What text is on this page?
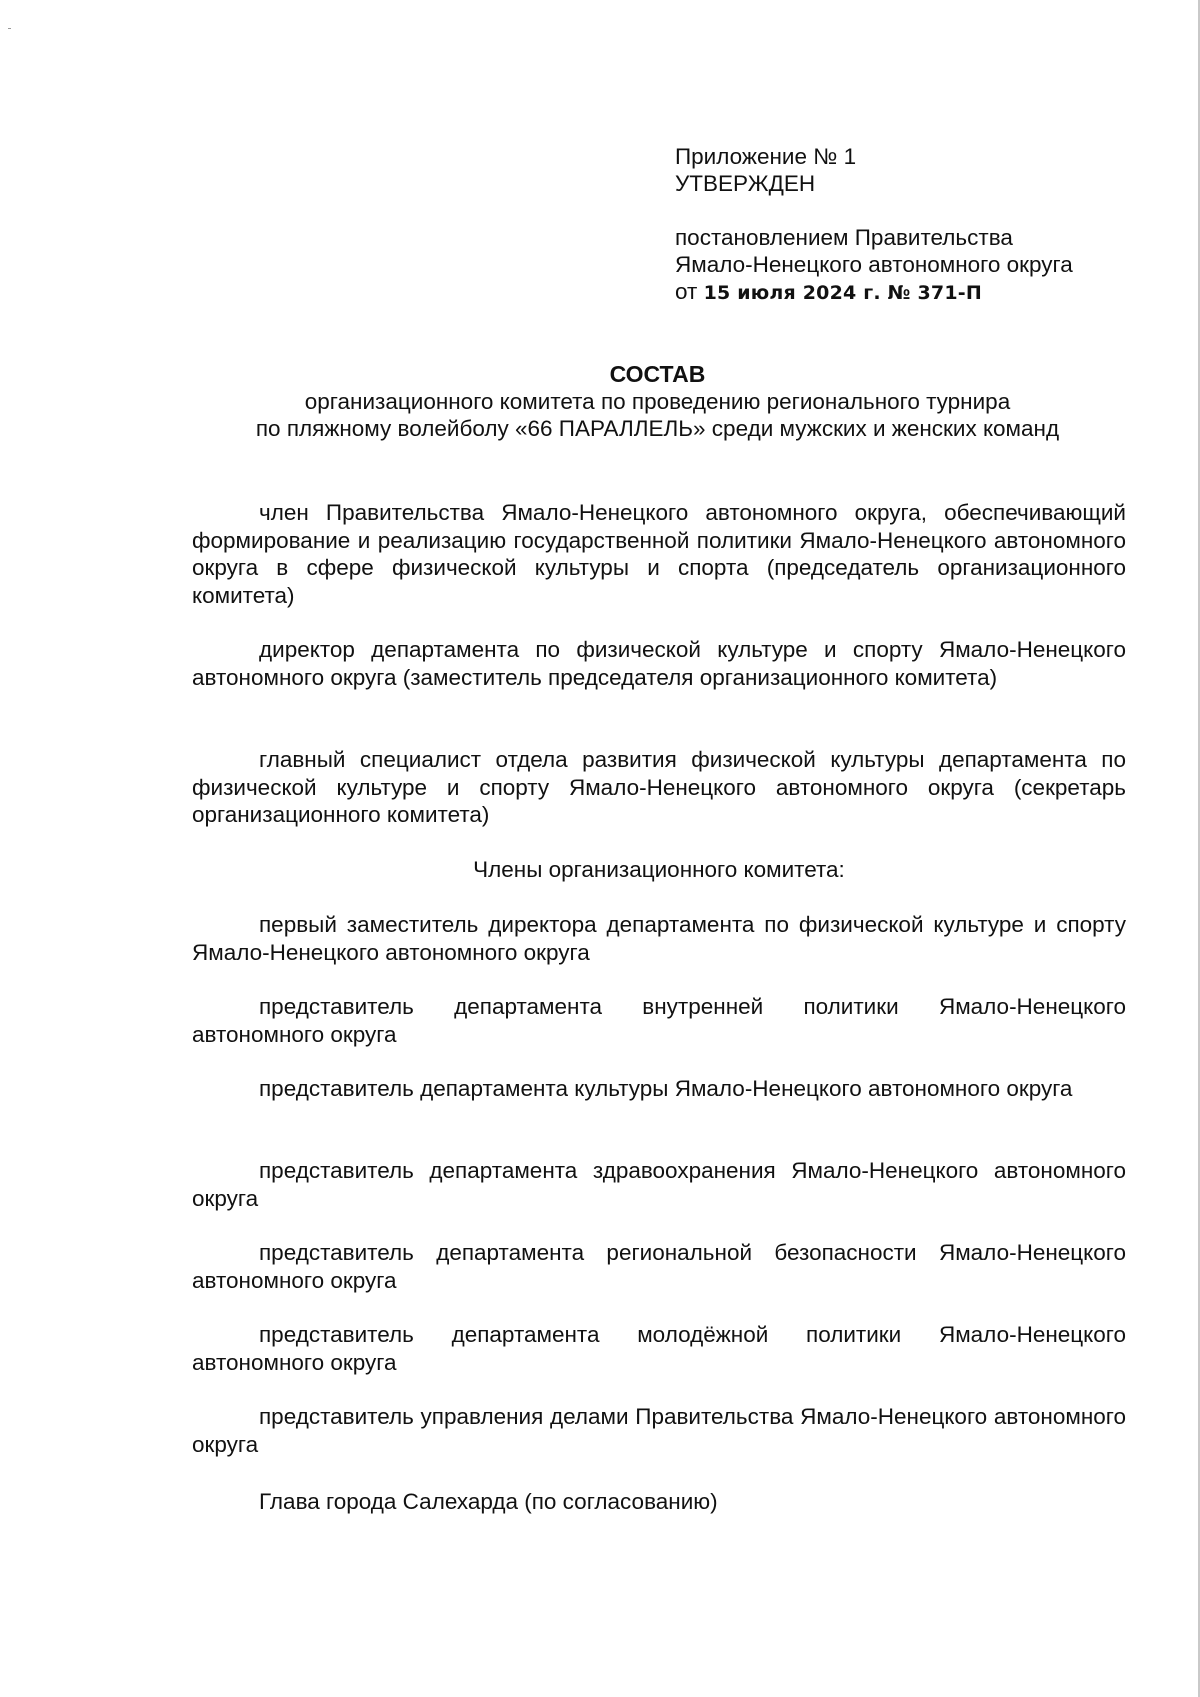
Приложение № 1
УТВЕРЖДЕН
постановлением Правительства
Ямало-Ненецкого автономного округа
от 15 июля 2024 г. № 371-П
СОСТАВ
организационного комитета по проведению регионального турнира
по пляжному волейболу «66 ПАРАЛЛЕЛЬ» среди мужских и женских команд

член Правительства Ямало-Ненецкого автономного округа, обеспечивающий формирование и реализацию государственной политики Ямало-Ненецкого автономного округа в сфере физической культуры и спорта (председатель организационного комитета)

директор департамента по физической культуре и спорту Ямало-Ненецкого автономного округа (заместитель председателя организационного комитета)

главный специалист отдела развития физической культуры департамента по физической культуре и спорту Ямало-Ненецкого автономного округа (секретарь организационного комитета)

Члены организационного комитета:

первый заместитель директора департамента по физической культуре и спорту Ямало-Ненецкого автономного округа

представитель департамента внутренней политики Ямало-Ненецкого автономного округа

представитель департамента культуры Ямало-Ненецкого автономного округа

представитель департамента здравоохранения Ямало-Ненецкого автономного округа

представитель департамента региональной безопасности Ямало-Ненецкого автономного округа

представитель департамента молодёжной политики Ямало-Ненецкого автономного округа

представитель управления делами Правительства Ямало-Ненецкого автономного округа

Глава города Салехарда (по согласованию)
